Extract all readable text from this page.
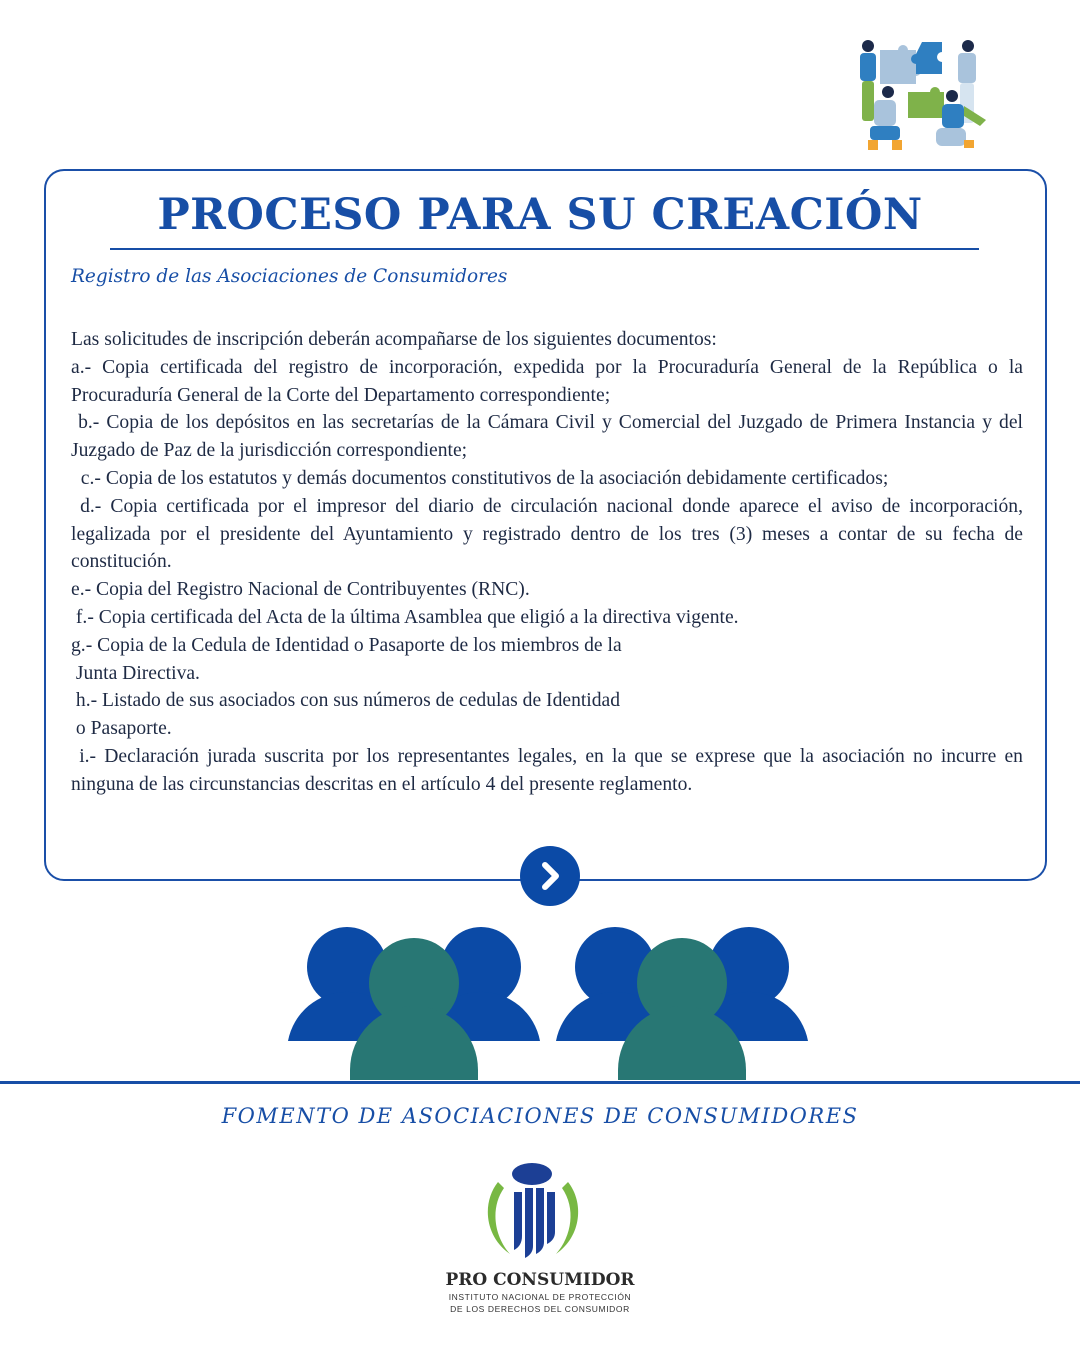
PROCESO PARA SU CREACIÓN

Registro de las Asociaciones de Consumidores

Las solicitudes de inscripción deberán acompañarse de los siguientes documentos:

a.- Copia certificada del registro de incorporación, expedida por la Procuraduría General de la República o la Procuraduría General de la Corte del Departamento correspondiente;

b.- Copia de los depósitos en las secretarías de la Cámara Civil y Comercial del Juzgado de Primera Instancia y del Juzgado de Paz de la jurisdicción correspondiente;

c.- Copia de los estatutos y demás documentos constitutivos de la asociación debidamente certificados;

d.- Copia certificada por el impresor del diario de circulación nacional donde aparece el aviso de incorporación, legalizada por el presidente del Ayuntamiento y registrado dentro de los tres (3) meses a contar de su fecha de constitución.

e.- Copia del Registro Nacional de Contribuyentes (RNC).

f.- Copia certificada del Acta de la última Asamblea que eligió a la directiva vigente.

g.- Copia de la Cedula de Identidad o Pasaporte de los miembros de la

Junta Directiva.

h.- Listado de sus asociados con sus números de cedulas de Identidad

o Pasaporte.

i.- Declaración jurada suscrita por los representantes legales, en la que se exprese que la asociación no incurre en ninguna de las circunstancias descritas en el artículo 4 del presente reglamento.

FOMENTO DE ASOCIACIONES DE CONSUMIDORES

PRO CONSUMIDOR

INSTITUTO NACIONAL DE PROTECCIÓN
DE LOS DERECHOS DEL CONSUMIDOR
